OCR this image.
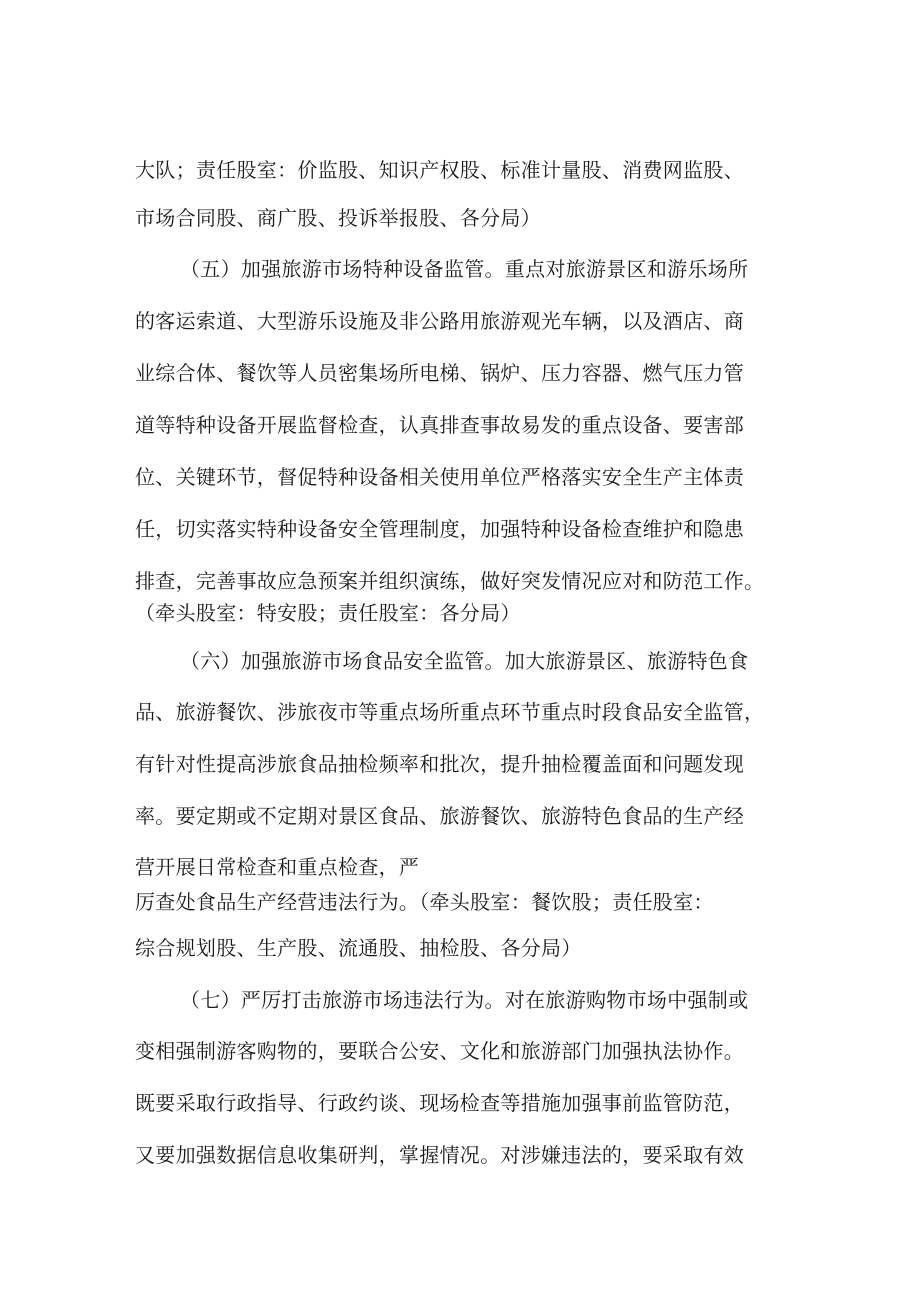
大队；责任股室：价监股、知识产权股、标准计量股、消费网监股、
市场合同股、商广股、投诉举报股、各分局）
（五）加强旅游市场特种设备监管。重点对旅游景区和游乐场所
的客运索道、大型游乐设施及非公路用旅游观光车辆，以及酒店、商
业综合体、餐饮等人员密集场所电梯、锅炉、压力容器、燃气压力管
道等特种设备开展监督检查，认真排查事故易发的重点设备、要害部
位、关键环节，督促特种设备相关使用单位严格落实安全生产主体责
任，切实落实特种设备安全管理制度，加强特种设备检查维护和隐患
排查，完善事故应急预案并组织演练，做好突发情况应对和防范工作。
（牵头股室：特安股；责任股室：各分局）
（六）加强旅游市场食品安全监管。加大旅游景区、旅游特色食
品、旅游餐饮、涉旅夜市等重点场所重点环节重点时段食品安全监管，
有针对性提高涉旅食品抽检频率和批次，提升抽检覆盖面和问题发现
率。要定期或不定期对景区食品、旅游餐饮、旅游特色食品的生产经
营开展日常检查和重点检查，严
厉查处食品生产经营违法行为。（牵头股室：餐饮股；责任股室：
综合规划股、生产股、流通股、抽检股、各分局）
（七）严厉打击旅游市场违法行为。对在旅游购物市场中强制或
变相强制游客购物的，要联合公安、文化和旅游部门加强执法协作。
既要采取行政指导、行政约谈、现场检查等措施加强事前监管防范，
又要加强数据信息收集研判，掌握情况。对涉嫌违法的，要采取有效
